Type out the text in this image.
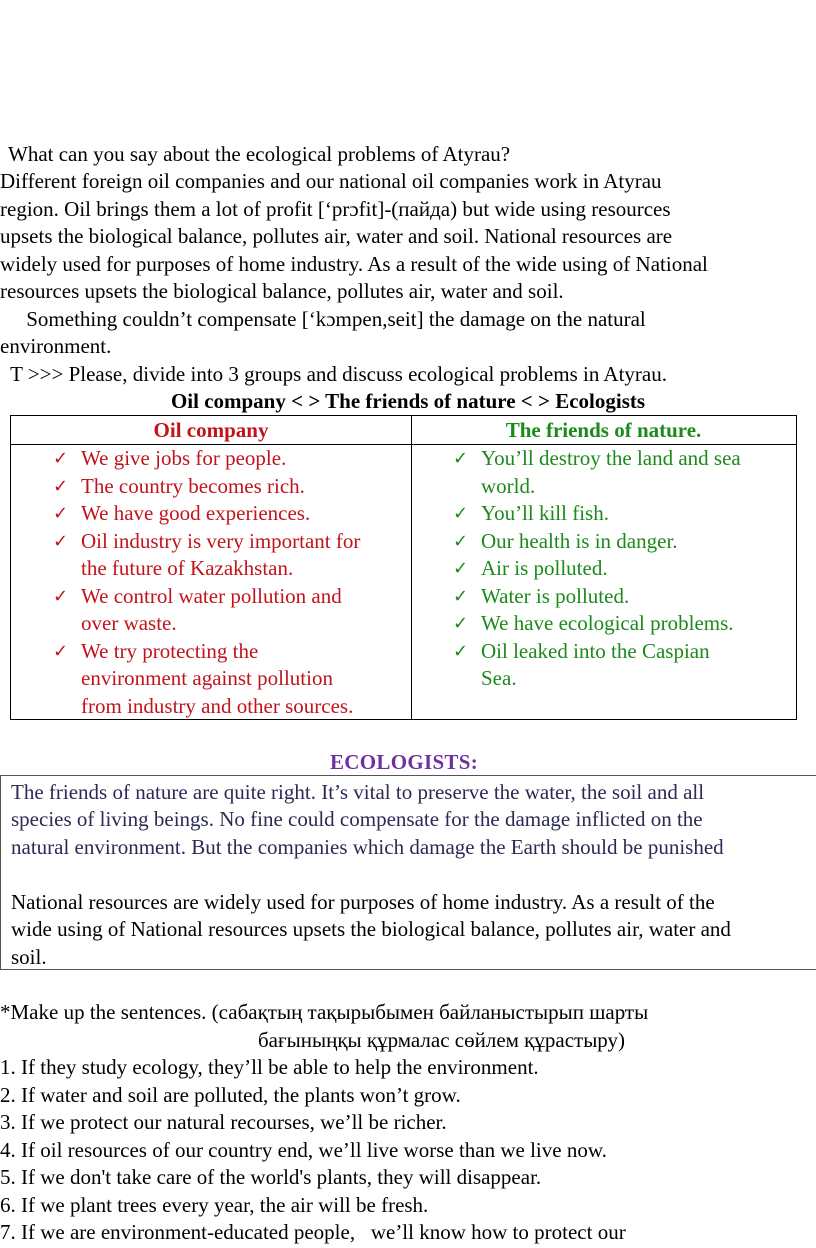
What can you say about the ecological problems of Atyrau?

Different foreign oil companies and our national oil companies work in Atyrau

region. Oil brings them a lot of profit [‘prɔfit]-(пайда) but wide using resources

upsets the biological balance, pollutes air, water and soil. National resources are

widely used for purposes of home industry. As a result of the wide using of National

resources upsets the biological balance, pollutes air, water and soil.

Something couldn’t compensate [‘kɔmpen,seit] the damage on the natural

environment.

T >>> Please, divide into 3 groups and discuss ecological problems in Atyrau.

Oil company < > The friends of nature < > Ecologists
Oil company	The friends of nature.
✓ We give jobs for people.
✓ The country becomes rich.
✓ We have good experiences.
✓ Oil industry is very important for
the future of Kazakhstan.
✓ We control water pollution and
over waste.
✓ We try protecting the
environment against pollution
from industry and other sources.
✓ You’ll destroy the land and sea
world.
✓ You’ll kill fish.
✓ Our health is in danger.
✓ Air is polluted.
✓ Water is polluted.
✓ We have ecological problems.
✓ Oil leaked into the Caspian
Sea.
ECOLOGISTS:

The friends of nature are quite right. It’s vital to preserve the water, the soil and all

species of living beings. No fine could compensate for the damage inflicted on the

natural environment. But the companies which damage the Earth should be punished

National resources are widely used for purposes of home industry. As a result of the

wide using of National resources upsets the biological balance, pollutes air, water and

soil.

*Make up the sentences. (сабақтың тақырыбымен байланыстырып шарты

бағыныңқы құрмалас сөйлем құрастыру)

1. If they study ecology, they’ll be able to help the environment.

2. If water and soil are polluted, the plants won’t grow.

3. If we protect our natural recourses, we’ll be richer.

4. If oil resources of our country end, we’ll live worse than we live now.

5. If we don't take care of the world's plants, they will disappear.

6. If we plant trees every year, the air will be fresh.

7. If we are environment-educated people,   we’ll know how to protect our
